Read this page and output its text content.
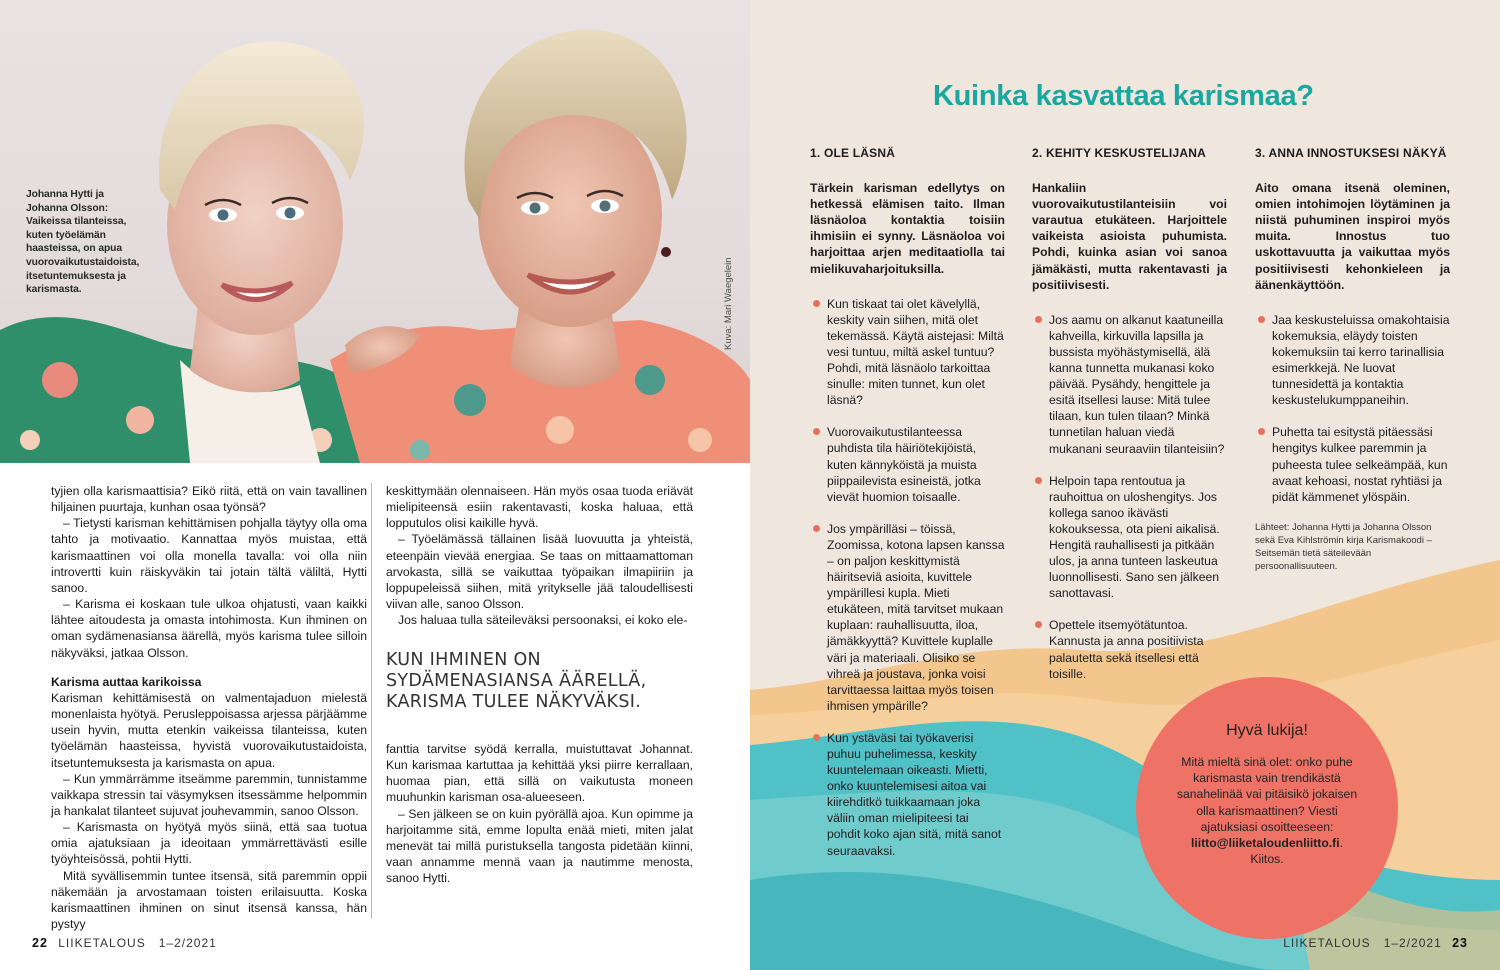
Johanna Hytti ja Johanna Olsson: Vaikeissa tilanteissa, kuten työelämän haasteissa, on apua vuorovaikutustaidoista, itsetuntemuksesta ja karismasta.	Kuva: Mari Waegelein

tyjien olla karismaattisia? Eikö riitä, että on vain tavallinen hiljainen puurtaja, kunhan osaa työnsä?

– Tietysti karisman kehittämisen pohjalla täytyy olla oma tahto ja motivaatio. Kannattaa myös muistaa, että karismaattinen voi olla monella tavalla: voi olla niin introvertti kuin räiskyväkin tai jotain tältä väliltä, Hytti sanoo.

– Karisma ei koskaan tule ulkoa ohjatusti, vaan kaikki lähtee aitoudesta ja omasta intohimosta. Kun ihminen on oman sydämenasiansa äärellä, myös karisma tulee silloin näkyväksi, jatkaa Olsson.

Karisma auttaa karikoissa

Karisman kehittämisestä on valmentajaduon mielestä monenlaista hyötyä. Perusleppoisassa arjessa pärjäämme usein hyvin, mutta etenkin vaikeissa tilanteissa, kuten työelämän haasteissa, hyvistä vuorovaikutustaidoista, itsetuntemuksesta ja karismasta on apua.

– Kun ymmärrämme itseämme paremmin, tunnistamme vaikkapa stressin tai väsymyksen itsessämme helpommin ja hankalat tilanteet sujuvat jouhevammin, sanoo Olsson.

– Karismasta on hyötyä myös siinä, että saa tuotua omia ajatuksiaan ja ideoitaan ymmärrettävästi esille työyhteisössä, pohtii Hytti.

Mitä syvällisemmin tuntee itsensä, sitä paremmin oppii näkemään ja arvostamaan toisten erilaisuutta. Koska karismaattinen ihminen on sinut itsensä kanssa, hän pystyy

keskittymään olennaiseen. Hän myös osaa tuoda eriävät mielipiteensä esiin rakentavasti, koska haluaa, että lopputulos olisi kaikille hyvä.

– Työelämässä tällainen lisää luovuutta ja yhteistä, eteenpäin vievää energiaa. Se taas on mittaamattoman arvokasta, sillä se vaikuttaa työpaikan ilmapiiriin ja loppupeleissä siihen, mitä yritykselle jää taloudellisesti viivan alle, sanoo Olsson.

Jos haluaa tulla säteileväksi persoonaksi, ei koko ele-

KUN IHMINEN ON SYDÄMENASIANSA ÄÄRELLÄ, KARISMA TULEE NÄKYVÄKSI.

fanttia tarvitse syödä kerralla, muistuttavat Johannat. Kun karismaa kartuttaa ja kehittää yksi piirre kerrallaan, huomaa pian, että sillä on vaikutusta moneen muuhunkin karisman osa-alueeseen.

– Sen jälkeen se on kuin pyörällä ajoa. Kun opimme ja harjoitamme sitä, emme lopulta enää mieti, miten jalat menevät tai millä puristuksella tangosta pidetään kiinni, vaan annamme mennä vaan ja nautimme menosta, sanoo Hytti.

22 LIIKETALOUS 1–2/2021
Kuinka kasvattaa karismaa?
1. OLE LÄSNÄ
Tärkein karisman edellytys on hetkessä elämisen taito. Ilman läsnäoloa kontaktia toisiin ihmisiin ei synny. Läsnäoloa voi harjoittaa arjen meditaatiolla tai mielikuvaharjoituksilla.
Kun tiskaat tai olet kävelyllä, keskity vain siihen, mitä olet tekemässä. Käytä aistejasi: Miltä vesi tuntuu, miltä askel tuntuu? Pohdi, mitä läsnäolo tarkoittaa sinulle: miten tunnet, kun olet läsnä?
Vuorovaikutustilanteessa puhdista tila häiriötekijöistä, kuten kännyköistä ja muista piippailevista esineistä, jotka vievät huomion toisaalle.
Jos ympärilläsi – töissä, Zoomissa, kotona lapsen kanssa – on paljon keskittymistä häiritseviä asioita, kuvittele ympärillesi kupla. Mieti etukäteen, mitä tarvitset mukaan kuplaan: rauhallisuutta, iloa, jämäkkyyttä? Kuvittele kuplalle väri ja materiaali. Olisiko se vihreä ja joustava, jonka voisi tarvittaessa laittaa myös toisen ihmisen ympärille?
Kun ystäväsi tai työkaverisi puhuu puhelimessa, keskity kuuntelemaan oikeasti. Mietti, onko kuuntelemisesi aitoa vai kiirehditkö tuikkaamaan joka väliin oman mielipiteesi tai pohdit koko ajan sitä, mitä sanot seuraavaksi.
2. KEHITY KESKUSTELIJANA
Hankaliin vuorovaikutustilanteisiin voi varautua etukäteen. Harjoittele vaikeista asioista puhumista. Pohdi, kuinka asian voi sanoa jämäkästi, mutta rakentavasti ja positiivisesti.
Jos aamu on alkanut kaatuneilla kahveilla, kirkuvilla lapsilla ja bussista myöhästymisellä, älä kanna tunnetta mukanasi koko päivää. Pysähdy, hengittele ja esitä itsellesi lause: Mitä tulee tilaan, kun tulen tilaan? Minkä tunnetilan haluan viedä mukanani seuraaviin tilanteisiin?
Helpoin tapa rentoutua ja rauhoittua on uloshengitys. Jos kollega sanoo ikävästi kokouksessa, ota pieni aikalisä. Hengitä rauhallisesti ja pitkään ulos, ja anna tunteen laskeutua luonnollisesti. Sano sen jälkeen sanottavasi.
Opettele itsemyötätuntoa. Kannusta ja anna positiivista palautetta sekä itsellesi että toisille.
3. ANNA INNOSTUKSESI NÄKYÄ
Aito omana itsenä oleminen, omien intohimojen löytäminen ja niistä puhuminen inspiroi myös muita. Innostus tuo uskottavuutta ja vaikuttaa myös positiivisesti kehonkieleen ja äänenkäyttöön.
Jaa keskusteluissa omakohtaisia kokemuksia, eläydy toisten kokemuksiin tai kerro tarinallisia esimerkkejä. Ne luovat tunnesidettä ja kontaktia keskustelukumppaneihin.
Puhetta tai esitystä pitäessäsi hengitys kulkee paremmin ja puheesta tulee selkeämpää, kun avaat kehoasi, nostat ryhtiäsi ja pidät kämmenet ylöspäin.
Lähteet: Johanna Hytti ja Johanna Olsson sekä Eva Kihlströmin kirja Karismakoodi – Seitsemän tietä säteilevään persoonallisuuteen.
Hyvä lukija!
Mitä mieltä sinä olet: onko puhe karismasta vain trendikästä sanahelinää vai pitäisikö jokaisen olla karismaattinen? Viesti ajatuksiasi osoitteeseen:
liitto@liiketaloudenliitto.fi.
Kiitos.
LIIKETALOUS 1–2/2021 23
